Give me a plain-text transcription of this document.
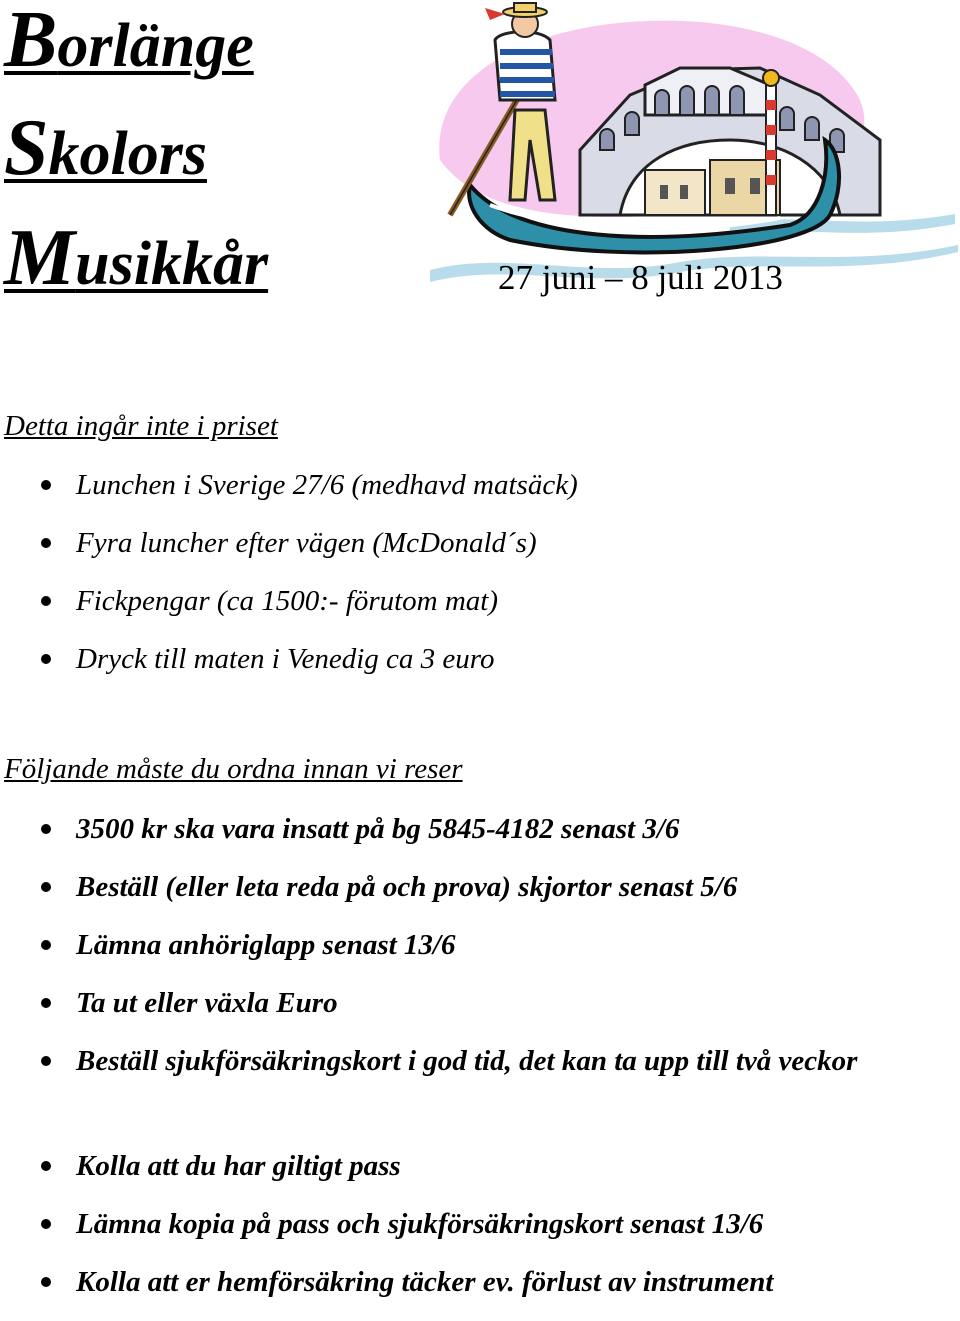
Borlänge
Skolors
Musikkår	27 juni – 8 juli 2013
Detta ingår inte i priset
Lunchen i Sverige 27/6 (medhavd matsäck)
Fyra luncher efter vägen (McDonald´s)
Fickpengar (ca 1500:- förutom mat)
Dryck till maten i Venedig ca 3 euro
Följande måste du ordna innan vi reser
3500 kr ska vara insatt på bg 5845-4182 senast 3/6
Beställ (eller leta reda på och prova) skjortor senast 5/6
Lämna anhöriglapp senast 13/6
Ta ut eller växla Euro
Beställ sjukförsäkringskort i god tid, det kan ta upp till två veckor
Kolla att du har giltigt pass
Lämna kopia på pass och sjukförsäkringskort senast 13/6
Kolla att er hemförsäkring täcker ev. förlust av instrument
